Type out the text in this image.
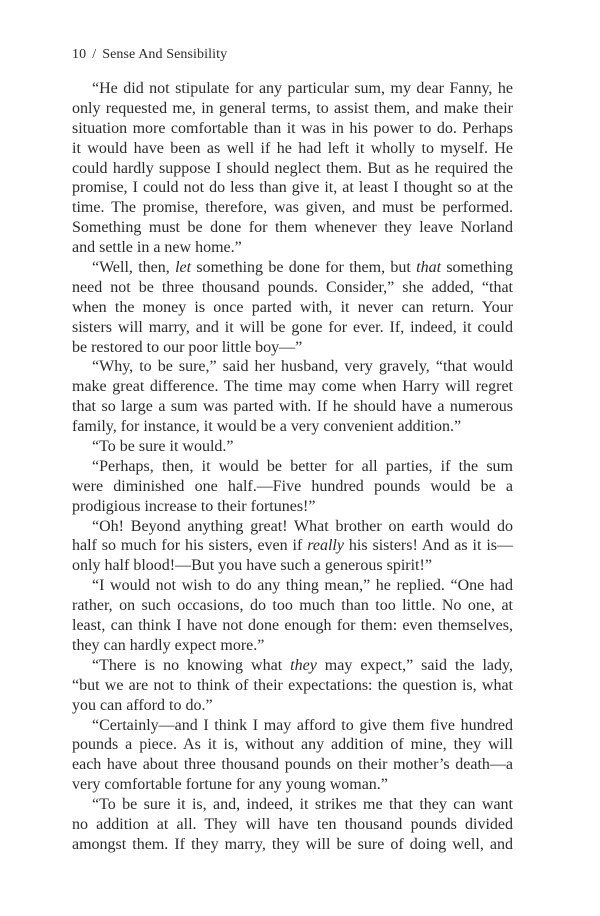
10 / Sense And Sensibility
“He did not stipulate for any particular sum, my dear Fanny, he
only requested me, in general terms, to assist them, and make their
situation more comfortable than it was in his power to do. Perhaps
it would have been as well if he had left it wholly to myself. He
could hardly suppose I should neglect them. But as he required the
promise, I could not do less than give it, at least I thought so at the
time. The promise, therefore, was given, and must be performed.
Something must be done for them whenever they leave Norland
and settle in a new home.”
“Well, then, let something be done for them, but that something
need not be three thousand pounds. Consider,” she added, “that
when the money is once parted with, it never can return. Your
sisters will marry, and it will be gone for ever. If, indeed, it could
be restored to our poor little boy—”
“Why, to be sure,” said her husband, very gravely, “that would
make great difference. The time may come when Harry will regret
that so large a sum was parted with. If he should have a numerous
family, for instance, it would be a very convenient addition.”
“To be sure it would.”
“Perhaps, then, it would be better for all parties, if the sum
were diminished one half.—Five hundred pounds would be a
prodigious increase to their fortunes!”
“Oh! Beyond anything great! What brother on earth would do
half so much for his sisters, even if really his sisters! And as it is—
only half blood!—But you have such a generous spirit!”
“I would not wish to do any thing mean,” he replied. “One had
rather, on such occasions, do too much than too little. No one, at
least, can think I have not done enough for them: even themselves,
they can hardly expect more.”
“There is no knowing what they may expect,” said the lady,
“but we are not to think of their expectations: the question is, what
you can afford to do.”
“Certainly—and I think I may afford to give them five hundred
pounds a piece. As it is, without any addition of mine, they will
each have about three thousand pounds on their mother’s death—a
very comfortable fortune for any young woman.”
“To be sure it is, and, indeed, it strikes me that they can want
no addition at all. They will have ten thousand pounds divided
amongst them. If they marry, they will be sure of doing well, and
